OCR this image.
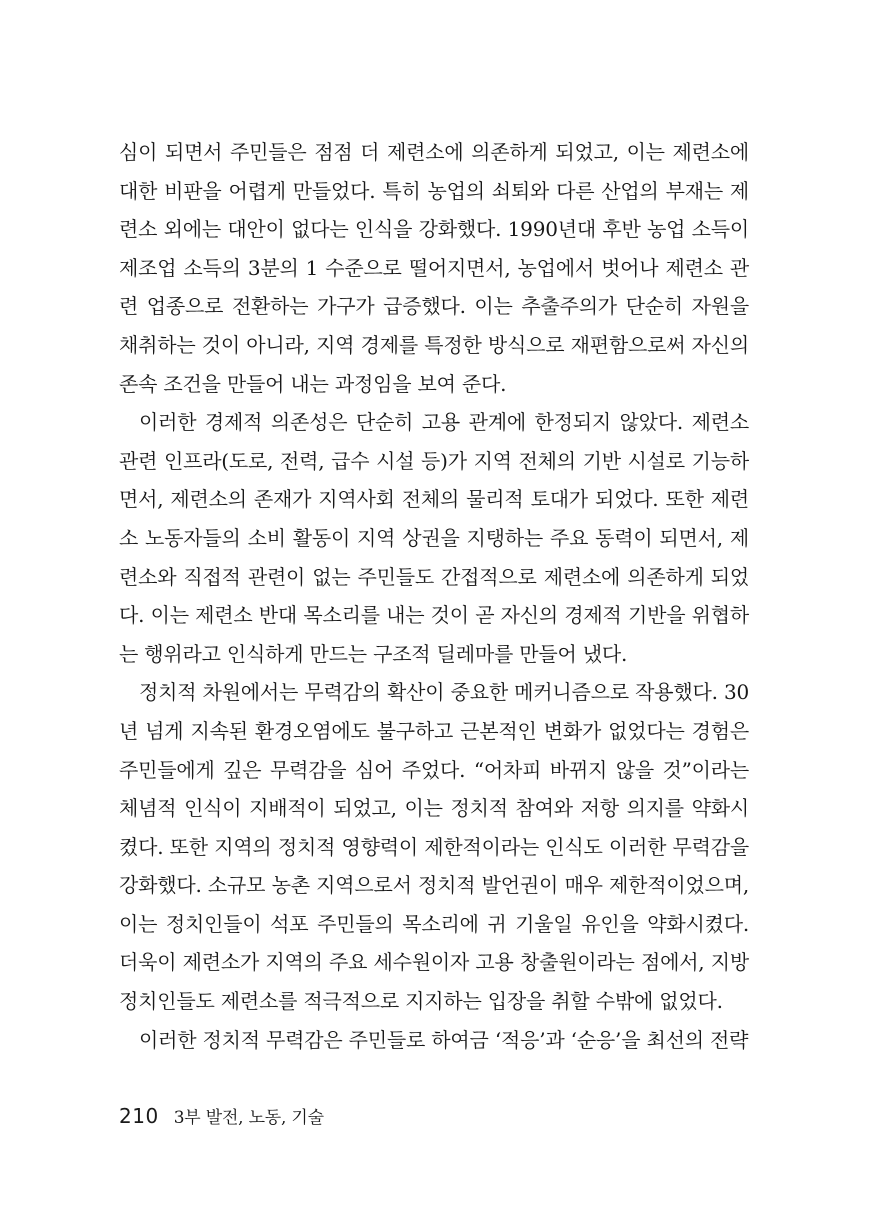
심이 되면서 주민들은 점점 더 제련소에 의존하게 되었고, 이는 제련소에 대한 비판을 어렵게 만들었다. 특히 농업의 쇠퇴와 다른 산업의 부재는 제련소 외에는 대안이 없다는 인식을 강화했다. 1990년대 후반 농업 소득이 제조업 소득의 3분의 1 수준으로 떨어지면서, 농업에서 벗어나 제련소 관련 업종으로 전환하는 가구가 급증했다. 이는 추출주의가 단순히 자원을 채취하는 것이 아니라, 지역 경제를 특정한 방식으로 재편함으로써 자신의 존속 조건을 만들어 내는 과정임을 보여 준다.

이러한 경제적 의존성은 단순히 고용 관계에 한정되지 않았다. 제련소 관련 인프라(도로, 전력, 급수 시설 등)가 지역 전체의 기반 시설로 기능하면서, 제련소의 존재가 지역사회 전체의 물리적 토대가 되었다. 또한 제련소 노동자들의 소비 활동이 지역 상권을 지탱하는 주요 동력이 되면서, 제련소와 직접적 관련이 없는 주민들도 간접적으로 제련소에 의존하게 되었다. 이는 제련소 반대 목소리를 내는 것이 곧 자신의 경제적 기반을 위협하는 행위라고 인식하게 만드는 구조적 딜레마를 만들어 냈다.

정치적 차원에서는 무력감의 확산이 중요한 메커니즘으로 작용했다. 30년 넘게 지속된 환경오염에도 불구하고 근본적인 변화가 없었다는 경험은 주민들에게 깊은 무력감을 심어 주었다. “어차피 바뀌지 않을 것”이라는 체념적 인식이 지배적이 되었고, 이는 정치적 참여와 저항 의지를 약화시켰다. 또한 지역의 정치적 영향력이 제한적이라는 인식도 이러한 무력감을 강화했다. 소규모 농촌 지역으로서 정치적 발언권이 매우 제한적이었으며, 이는 정치인들이 석포 주민들의 목소리에 귀 기울일 유인을 약화시켰다. 더욱이 제련소가 지역의 주요 세수원이자 고용 창출원이라는 점에서, 지방 정치인들도 제련소를 적극적으로 지지하는 입장을 취할 수밖에 없었다.

이러한 정치적 무력감은 주민들로 하여금 ‘적응’과 ‘순응’을 최선의 전략

210 3부 발전, 노동, 기술
